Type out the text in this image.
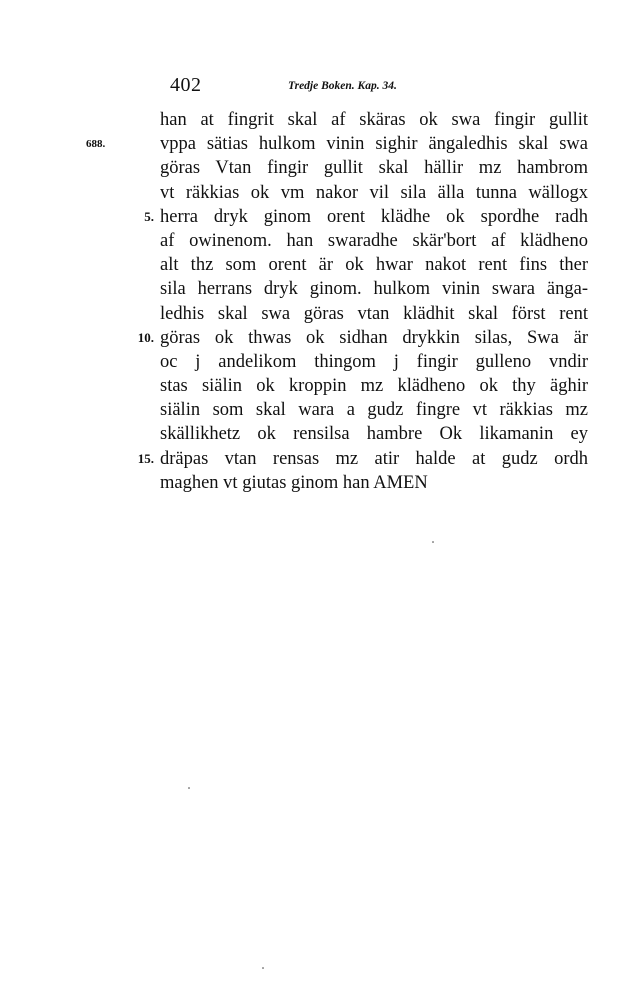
402	Tredje Boken. Kap. 34.
han at fingrit skal af skäras ok swa fingir gullit
688.	vppa sätias hulkom vinin sighir ängaledhis skal swa
göras Vtan fingir gullit skal hällir mz hambrom
vt räkkias ok vm nakor vil sila älla tunna wällogx
5. herra dryk ginom orent klädhe ok spordhe radh
af owinenom. han swaradhe skär'bort af klädheno
alt thz som orent är ok hwar nakot rent fins ther
sila herrans dryk ginom. hulkom vinin swara änga-
ledhis skal swa göras vtan klädhit skal först rent
10. göras ok thwas ok sidhan drykkin silas, Swa är
oc j andelikom thingom j fingir gulleno vndir
stas siälin ok kroppin mz klädheno ok thy äghir
siälin som skal wara a gudz fingre vt räkkias mz
skällikhetz ok rensilsa hambre Ok likamanin ey
15. dräpas vtan rensas mz atir halde at gudz ordh
maghen vt giutas ginom han AMEN
